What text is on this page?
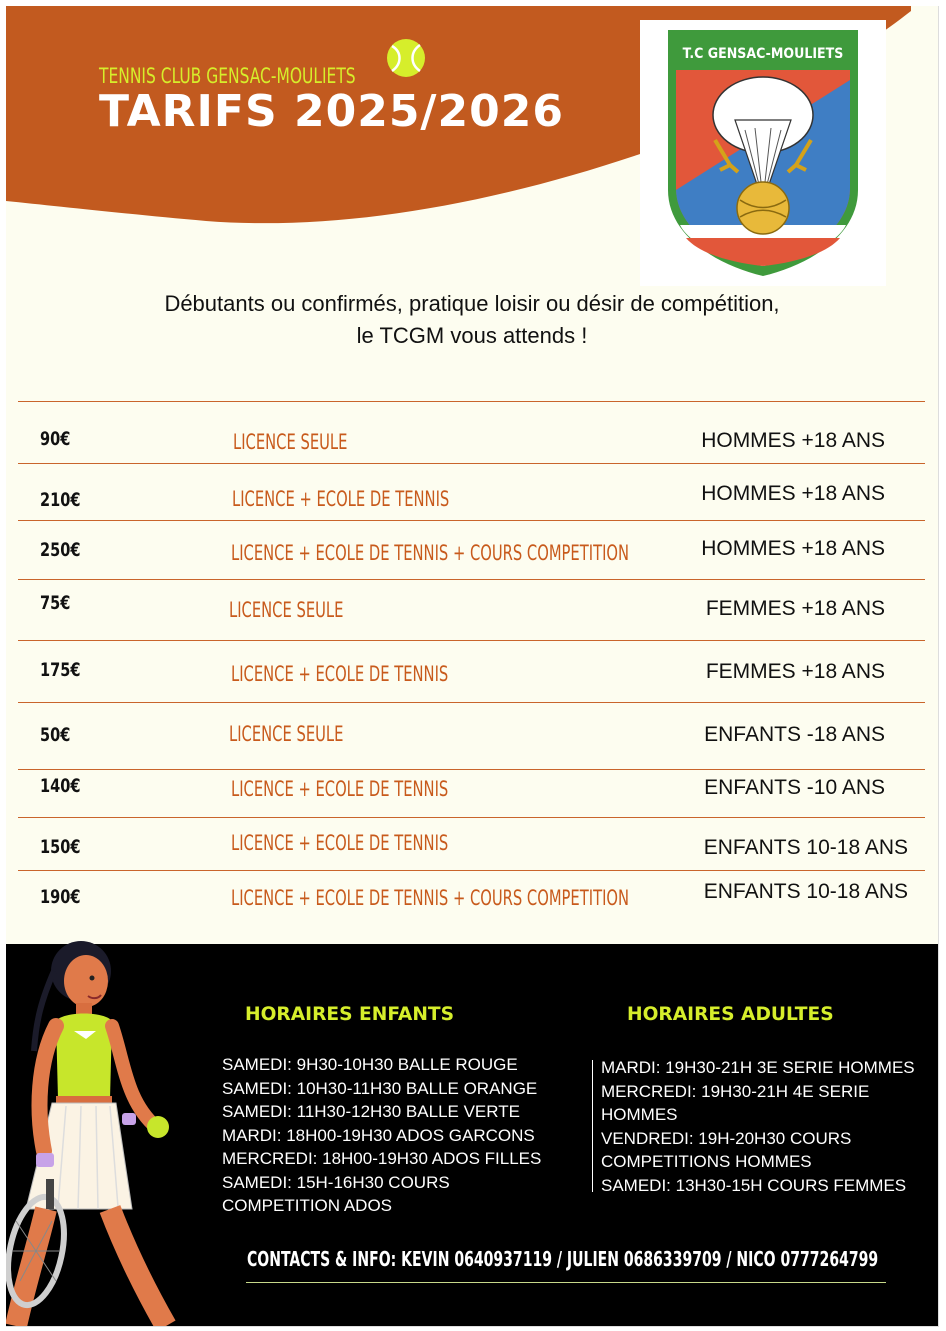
TENNIS CLUB GENSAC-MOULIETS
TARIFS 2025/2026
T.C GENSAC-MOULIETS
Débutants ou confirmés, pratique loisir ou désir de compétition,
le TCGM vous attends !
90€	LICENCE SEULE	HOMMES +18 ANS
210€	LICENCE + ECOLE DE TENNIS	HOMMES +18 ANS
250€	LICENCE + ECOLE DE TENNIS + COURS COMPETITION	HOMMES +18 ANS
75€	LICENCE SEULE	FEMMES +18 ANS
175€	LICENCE + ECOLE DE TENNIS	FEMMES +18 ANS
50€	LICENCE SEULE	ENFANTS -18 ANS
140€	LICENCE + ECOLE DE TENNIS	ENFANTS -10 ANS
150€	LICENCE + ECOLE DE TENNIS	ENFANTS 10-18 ANS
190€	LICENCE + ECOLE DE TENNIS + COURS COMPETITION	ENFANTS 10-18 ANS
HORAIRES ENFANTS
SAMEDI: 9H30-10H30 BALLE ROUGE
SAMEDI: 10H30-11H30 BALLE ORANGE
SAMEDI: 11H30-12H30 BALLE VERTE
MARDI: 18H00-19H30 ADOS GARCONS
MERCREDI: 18H00-19H30 ADOS FILLES
SAMEDI: 15H-16H30 COURS
COMPETITION ADOS
HORAIRES ADULTES
MARDI: 19H30-21H 3E SERIE HOMMES
MERCREDI: 19H30-21H 4E SERIE
HOMMES
VENDREDI: 19H-20H30 COURS
COMPETITIONS HOMMES
SAMEDI: 13H30-15H COURS FEMMES
CONTACTS & INFO: KEVIN 0640937119 / JULIEN 0686339709 / NICO 0777264799
